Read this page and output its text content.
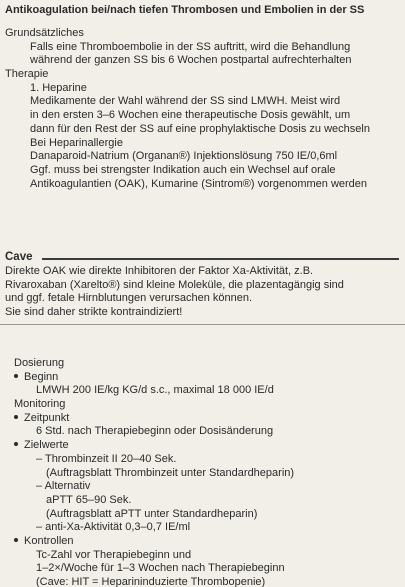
Antikoagulation bei/nach tiefen Thrombosen und Embolien in der SS
Grundsätzliches
Falls eine Thromboembolie in der SS auftritt, wird die Behandlung
während der ganzen SS bis 6 Wochen postpartal aufrechterhalten
Therapie
1. Heparine
Medikamente der Wahl während der SS sind LMWH. Meist wird
in den ersten 3–6 Wochen eine therapeutische Dosis gewählt, um
dann für den Rest der SS auf eine prophylaktische Dosis zu wechseln
Bei Heparinallergie
Danaparoid-Natrium (Organan®) Injektionslösung 750 IE/0,6ml
Ggf. muss bei strengster Indikation auch ein Wechsel auf orale
Antikoagulantien (OAK), Kumarine (Sintrom®) vorgenommen werden
Cave
Direkte OAK wie direkte Inhibitoren der Faktor Xa-Aktivität, z.B.
Rivaroxaban (Xarelto®) sind kleine Moleküle, die plazentagängig sind
und ggf. fetale Hirnblutungen verursachen können.
Sie sind daher strikte kontraindiziert!
Dosierung
Beginn
LMWH 200 IE/kg KG/d s.c., maximal 18 000 IE/d
Monitoring
Zeitpunkt
6 Std. nach Therapiebeginn oder Dosisänderung
Zielwerte
– Thrombinzeit II 20–40 Sek.
(Auftragsblatt Thrombinzeit unter Standardheparin)
– Alternativ
aPTT 65–90 Sek.
(Auftragsblatt aPTT unter Standardheparin)
– anti-Xa-Aktivität 0,3–0,7 IE/ml
Kontrollen
Tc-Zahl vor Therapiebeginn und
1–2×/Woche für 1–3 Wochen nach Therapiebeginn
(Cave: HIT = Heparininduzierte Thrombopenie)
